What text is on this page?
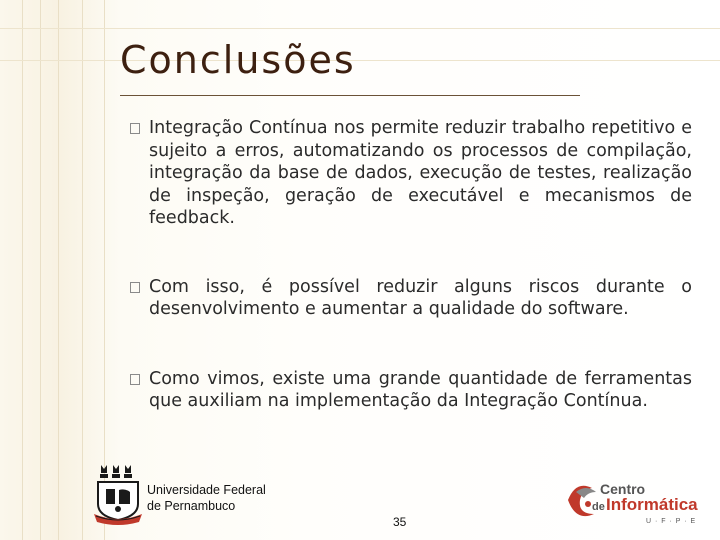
Conclusões
Integração Contínua nos permite reduzir trabalho repetitivo e sujeito a erros, automatizando os processos de compilação, integração da base de dados, execução de testes, realização de inspeção, geração de executável e mecanismos de feedback.
Com isso, é possível reduzir alguns riscos durante o desenvolvimento e aumentar a qualidade do software.
Como vimos, existe uma grande quantidade de ferramentas que auxiliam na implementação da Integração Contínua.
Universidade Federal
de Pernambuco
35
Centro
de Informática
U · F · P · E
